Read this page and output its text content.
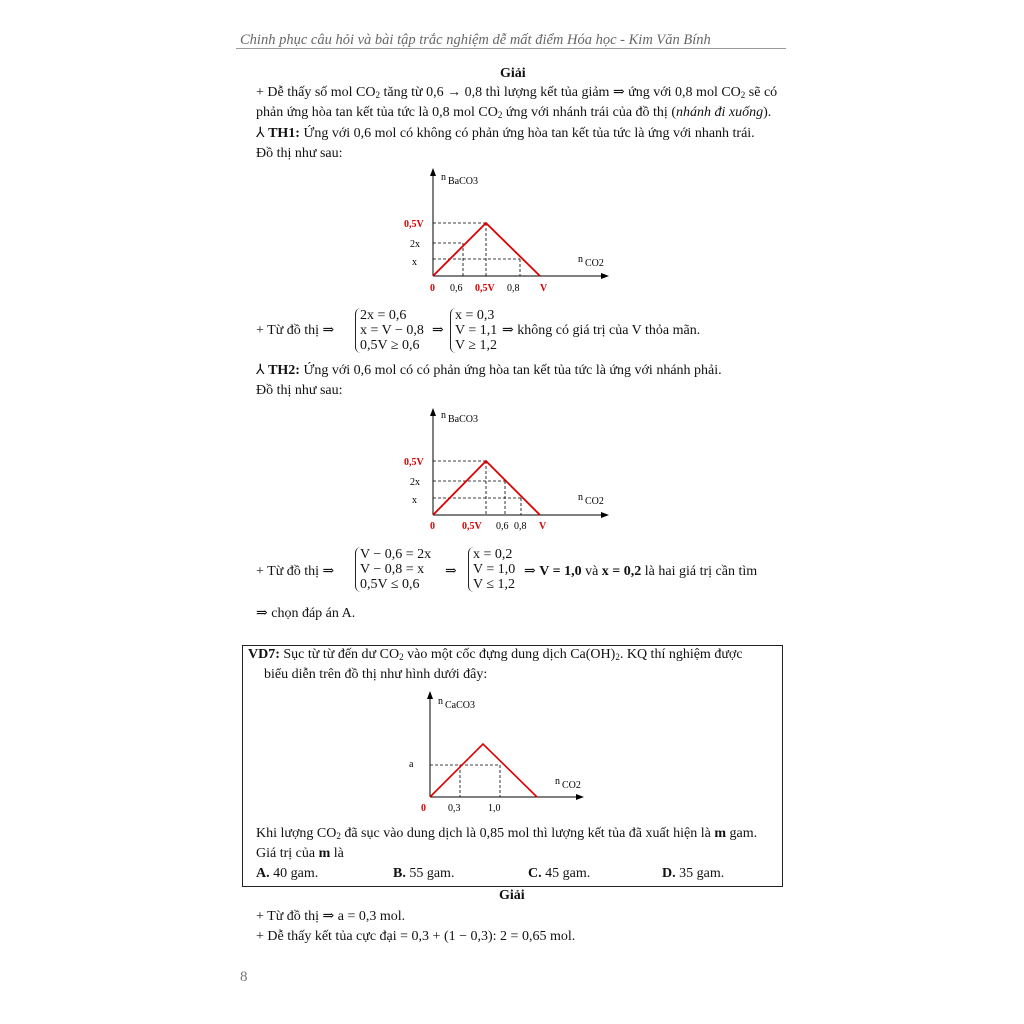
Chinh phục câu hỏi và bài tập trắc nghiệm dễ mất điểm Hóa học - Kim Văn Bính
Giải
+ Dễ thấy số mol $CO_2$ tăng từ 0,6 → 0,8 thì lượng kết tủa giảm ⇒ ứng với 0,8 mol $CO_2$ sẽ có
phản ứng hòa tan kết tủa tức là 0,8 mol $CO_2$ ứng với nhánh trái của đồ thị (nhánh đi xuống).
⅄ TH1: Ứng với 0,6 mol có không có phản ứng hòa tan kết tủa tức là ứng với nhanh trái.
Đồ thị như sau:
n BaCO3
n CO2
0,5V
2x
x
0 0,6 0,5V 0,8 V
+ Từ đồ thị ⇒
2x = 0,6
x = V − 0,8
0,5V ≥ 0,6
⇒
x = 0,3
V = 1,1
V ≥ 1,2
⇒ không có giá trị của V thỏa mãn.
⅄ TH2: Ứng với 0,6 mol có có phản ứng hòa tan kết tủa tức là ứng với nhánh phải.
Đồ thị như sau:
n BaCO3
n CO2
0,5V
2x
x
0	0,5V 0,6 0,8 V
+ Từ đồ thị ⇒
V − 0,6 = 2x
V − 0,8 = x
0,5V ≤ 0,6
⇒
x = 0,2
V = 1,0
V ≤ 1,2
⇒ V = 1,0 và x = 0,2 là hai giá trị cần tìm
⇒ chọn đáp án A.
VD7: Sục từ từ đến dư $CO_2$ vào một cốc đựng dung dịch $Ca(OH)_2$. KQ thí nghiệm được
biểu diễn trên đồ thị như hình dưới đây:
n CaCO3
n CO2
a
0 0,3	1,0
Khi lượng $CO_2$ đã sục vào dung dịch là 0,85 mol thì lượng kết tủa đã xuất hiện là m gam.
Giá trị của m là
A. 40 gam.	B. 55 gam.	C. 45 gam.	D. 35 gam.
Giải
+ Từ đồ thị ⇒ a = 0,3 mol.
+ Dễ thấy kết tủa cực đại = 0,3 + (1 − 0,3): 2 = 0,65 mol.
8
